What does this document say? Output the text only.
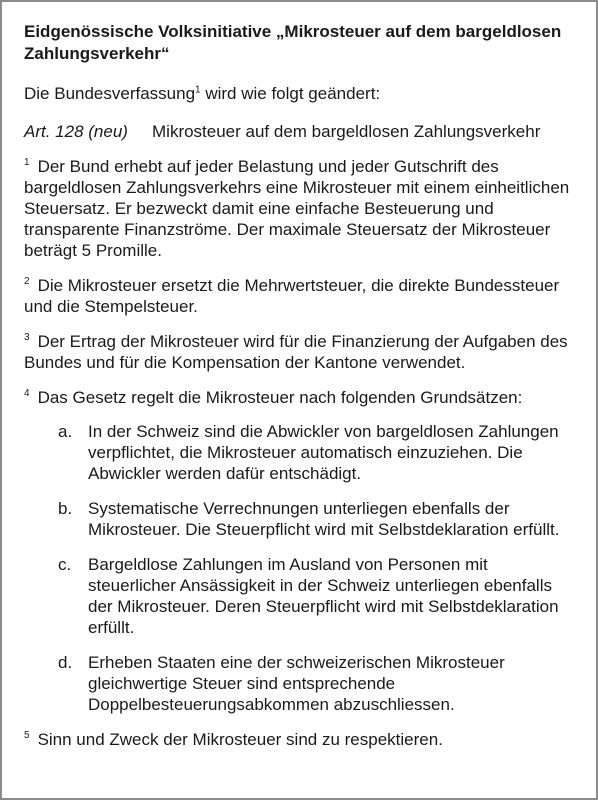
Eidgenössische Volksinitiative „Mikrosteuer auf dem bargeldlosen Zahlungsverkehr“

Die Bundesverfassung$^1$ wird wie folgt geändert:
Art. 128 (neu)	Mikrosteuer auf dem bargeldlosen Zahlungsverkehr
$^1$ Der Bund erhebt auf jeder Belastung und jeder Gutschrift des bargeldlosen Zahlungsverkehrs eine Mikrosteuer mit einem einheitlichen Steuersatz. Er bezweckt damit eine einfache Besteuerung und transparente Finanzströme. Der maximale Steuersatz der Mikrosteuer beträgt 5 Promille.
$^2$ Die Mikrosteuer ersetzt die Mehrwertsteuer, die direkte Bundessteuer und die Stempelsteuer.
$^3$ Der Ertrag der Mikrosteuer wird für die Finanzierung der Aufgaben des Bundes und für die Kompensation der Kantone verwendet.
$^4$ Das Gesetz regelt die Mikrosteuer nach folgenden Grundsätzen:
a. In der Schweiz sind die Abwickler von bargeldlosen Zahlungen verpflichtet, die Mikrosteuer automatisch einzuziehen. Die Abwickler werden dafür entschädigt.
b. Systematische Verrechnungen unterliegen ebenfalls der Mikrosteuer. Die Steuerpflicht wird mit Selbstdeklaration erfüllt.
c. Bargeldlose Zahlungen im Ausland von Personen mit steuerlicher Ansässigkeit in der Schweiz unterliegen ebenfalls der Mikrosteuer. Deren Steuerpflicht wird mit Selbstdeklaration erfüllt.
d. Erheben Staaten eine der schweizerischen Mikrosteuer gleichwertige Steuer sind entsprechende Doppelbesteuerungsabkommen abzuschliessen.
$^5$ Sinn und Zweck der Mikrosteuer sind zu respektieren.
